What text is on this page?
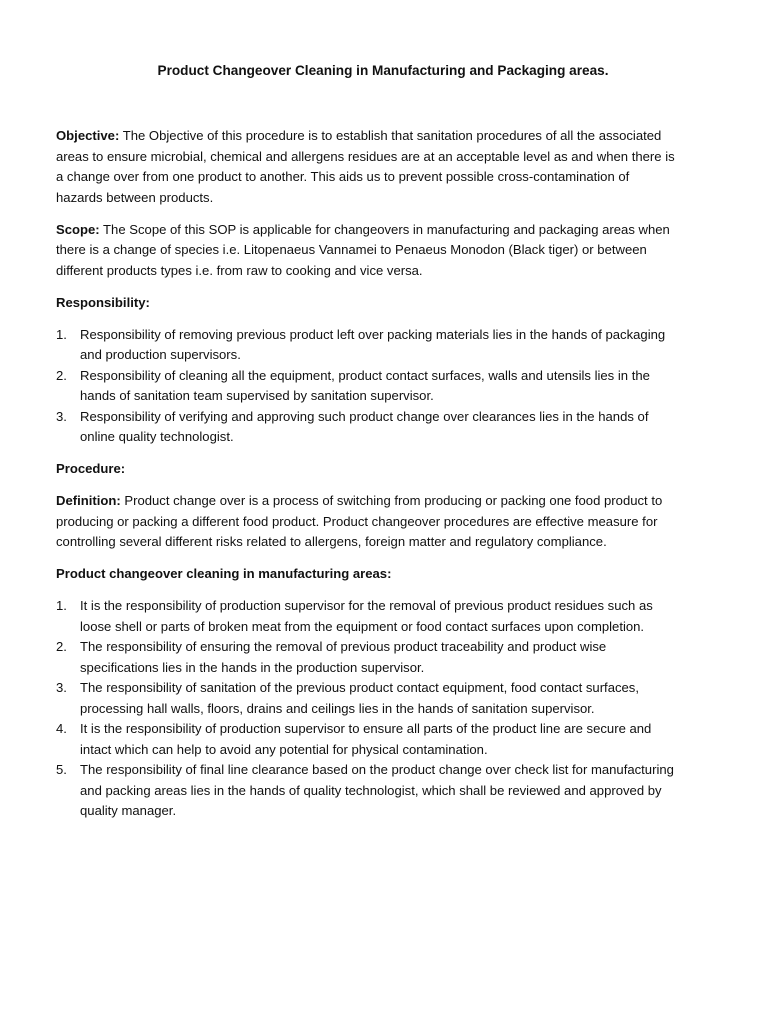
Product Changeover Cleaning in Manufacturing and Packaging areas.

Objective: The Objective of this procedure is to establish that sanitation procedures of all the associated areas to ensure microbial, chemical and allergens residues are at an acceptable level as and when there is a change over from one product to another. This aids us to prevent possible cross-contamination of hazards between products.

Scope: The Scope of this SOP is applicable for changeovers in manufacturing and packaging areas when there is a change of species i.e. Litopenaeus Vannamei to Penaeus Monodon (Black tiger) or between different products types i.e. from raw to cooking and vice versa.

Responsibility:
1. Responsibility of removing previous product left over packing materials lies in the hands of packaging and production supervisors.
2. Responsibility of cleaning all the equipment, product contact surfaces, walls and utensils lies in the hands of sanitation team supervised by sanitation supervisor.
3. Responsibility of verifying and approving such product change over clearances lies in the hands of online quality technologist.
Procedure:

Definition: Product change over is a process of switching from producing or packing one food product to producing or packing a different food product. Product changeover procedures are effective measure for controlling several different risks related to allergens, foreign matter and regulatory compliance.

Product changeover cleaning in manufacturing areas:
1. It is the responsibility of production supervisor for the removal of previous product residues such as loose shell or parts of broken meat from the equipment or food contact surfaces upon completion.
2. The responsibility of ensuring the removal of previous product traceability and product wise specifications lies in the hands in the production supervisor.
3. The responsibility of sanitation of the previous product contact equipment, food contact surfaces, processing hall walls, floors, drains and ceilings lies in the hands of sanitation supervisor.
4. It is the responsibility of production supervisor to ensure all parts of the product line are secure and intact which can help to avoid any potential for physical contamination.
5. The responsibility of final line clearance based on the product change over check list for manufacturing and packing areas lies in the hands of quality technologist, which shall be reviewed and approved by quality manager.
